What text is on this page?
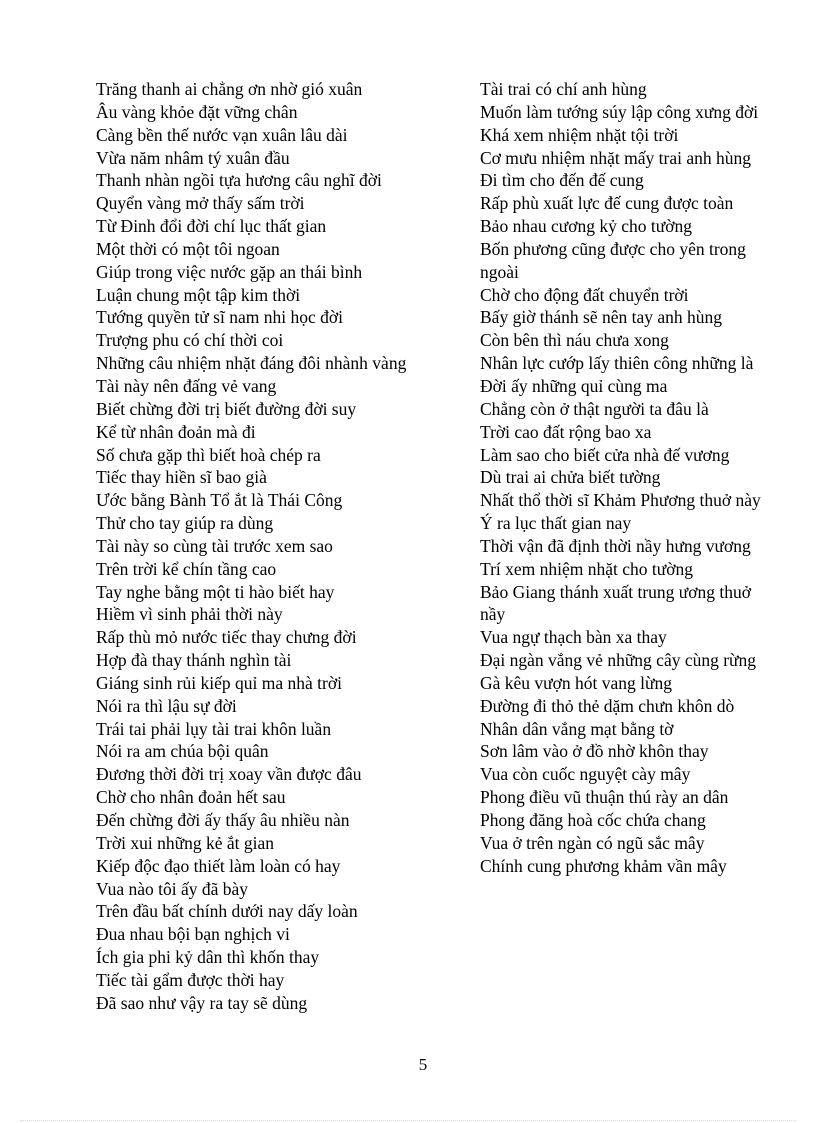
Trăng thanh ai chẳng ơn nhờ gió xuân
Âu vàng khỏe đặt vững chân
Càng bền thế nước vạn xuân lâu dài
Vừa năm nhâm tý xuân đầu
Thanh nhàn ngồi tựa hương câu nghĩ đời
Quyển vàng mở thấy sấm trời
Từ Đinh đổi đời chí lục thất gian
Một thời có một tôi ngoan
Giúp trong việc nước gặp an thái bình
Luận chung một tập kim thời
Tướng quyền tử sĩ nam nhi học đời
Trượng phu có chí thời coi
Những câu nhiệm nhặt đáng đôi nhành vàng
Tài này nên đấng vẻ vang
Biết chừng đời trị biết đường đời suy
Kể từ nhân đoản mà đi
Số chưa gặp thì biết hoà chép ra
Tiếc thay hiền sĩ bao già
Ước bằng Bành Tổ ắt là Thái Công
Thử cho tay giúp ra dùng
Tài này so cùng tài trước xem sao
Trên trời kể chín tầng cao
Tay nghe bằng một ti hào biết hay
Hiềm vì sinh phải thời này
Rấp thù mỏ nước tiếc thay chưng đời
Hợp đà thay thánh nghìn tài
Giáng sinh rủi kiếp quỉ ma nhà trời
Nói ra thì lậu sự đời
Trái tai phải lụy tài trai khôn luần
Nói ra am chúa bội quân
Đương thời đời trị xoay vần được đâu
Chờ cho nhân đoản hết sau
Đến chừng đời ấy thấy âu nhiều nàn
Trời xui những kẻ ắt gian
Kiếp độc đạo thiết làm loàn có hay
Vua nào tôi ấy đã bày
Trên đầu bất chính dưới nay dấy loàn
Đua nhau bội bạn nghịch vi
Ích gia phi kỷ dân thì khốn thay
Tiếc tài gẩm được thời hay
Đã sao như vậy ra tay sẽ dùng
Tài trai có chí anh hùng
Muốn làm tướng súy lập công xưng đời
Khá xem nhiệm nhặt tội trời
Cơ mưu nhiệm nhặt mấy trai anh hùng
Đi tìm cho đến đế cung
Rấp phù xuất lực đế cung được toàn
Bảo nhau cương kỷ cho tường
Bốn phương cũng được cho yên trong ngoài
Chờ cho động đất chuyển trời
Bấy giờ thánh sẽ nên tay anh hùng
Còn bên thì náu chưa xong
Nhân lực cướp lấy thiên công những là
Đời ấy những quỉ cùng ma
Chẳng còn ở thật người ta đâu là
Trời cao đất rộng bao xa
Làm sao cho biết cửa nhà đế vương
Dù trai ai chửa biết tường
Nhất thổ thời sĩ Khảm Phương thuở này
Ý ra lục thất gian nay
Thời vận đã định thời nầy hưng vương
Trí xem nhiệm nhặt cho tường
Bảo Giang thánh xuất trung ương thuở nầy
Vua ngự thạch bàn xa thay
Đại ngàn vắng vẻ những cây cùng rừng
Gà kêu vượn hót vang lừng
Đường đi thỏ thẻ dặm chưn khôn dò
Nhân dân vắng mạt bằng tờ
Sơn lâm vào ở đồ nhờ khôn thay
Vua còn cuốc nguyệt cày mây
Phong điều vũ thuận thú rày an dân
Phong đăng hoà cốc chứa chang
Vua ở trên ngàn có ngũ sắc mây
Chính cung phương khảm vần mây
5
